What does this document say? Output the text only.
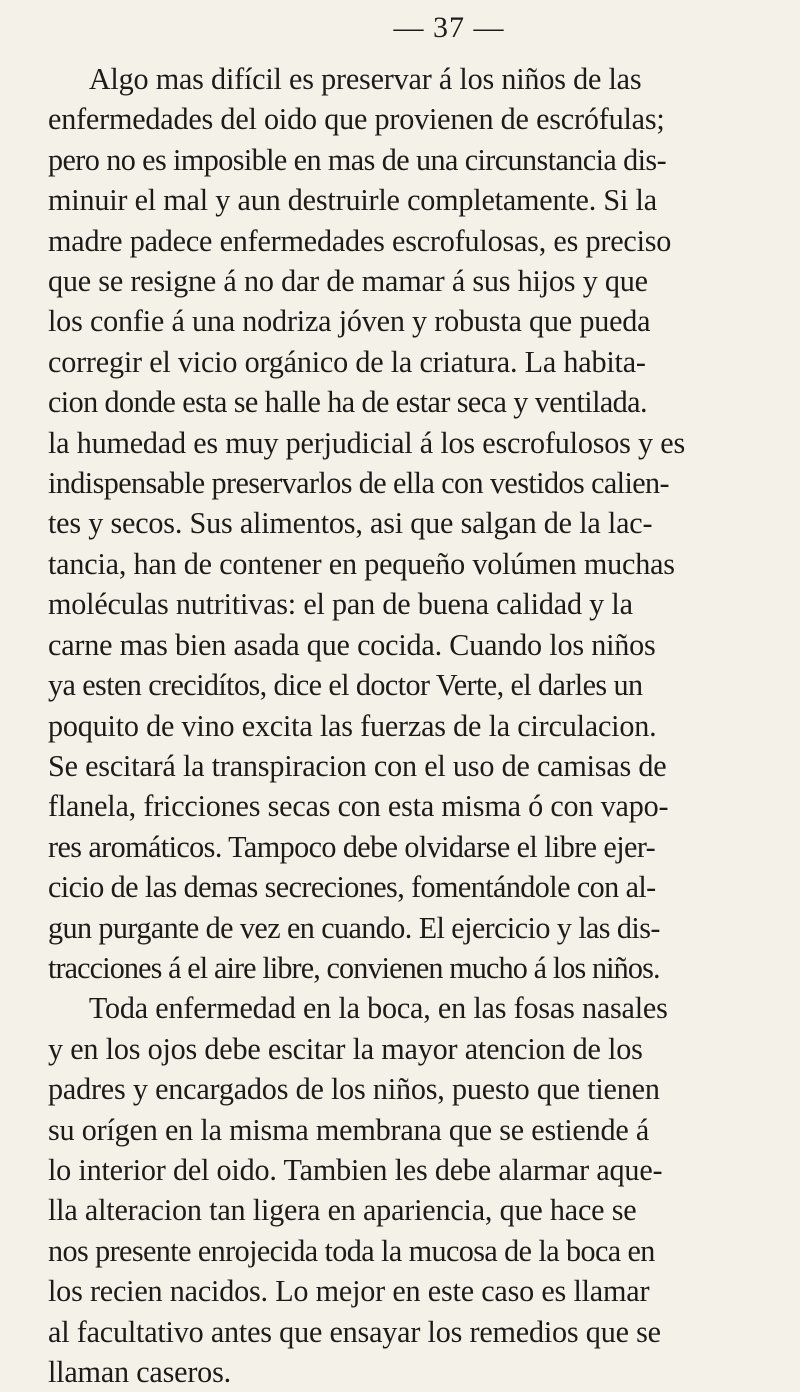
— 37 —
Algo mas difícil es preservar á los niños de las
enfermedades del oido que provienen de escrófulas;
pero no es imposible en mas de una circunstancia dis-
minuir el mal y aun destruirle completamente. Si la
madre padece enfermedades escrofulosas, es preciso
que se resigne á no dar de mamar á sus hijos y que
los confie á una nodriza jóven y robusta que pueda
corregir el vicio orgánico de la criatura. La habita-
cion donde esta se halle ha de estar seca y ventilada.
la humedad es muy perjudicial á los escrofulosos y es
indispensable preservarlos de ella con vestidos calien-
tes y secos. Sus alimentos, asi que salgan de la lac-
tancia, han de contener en pequeño volúmen muchas
moléculas nutritivas: el pan de buena calidad y la
carne mas bien asada que cocida. Cuando los niños
ya esten crecidítos, dice el doctor Verte, el darles un
poquito de vino excita las fuerzas de la circulacion.
Se escitará la transpiracion con el uso de camisas de
flanela, fricciones secas con esta misma ó con vapo-
res aromáticos. Tampoco debe olvidarse el libre ejer-
cicio de las demas secreciones, fomentándole con al-
gun purgante de vez en cuando. El ejercicio y las dis-
tracciones á el aire libre, convienen mucho á los niños.
Toda enfermedad en la boca, en las fosas nasales
y en los ojos debe escitar la mayor atencion de los
padres y encargados de los niños, puesto que tienen
su orígen en la misma membrana que se estiende á
lo interior del oido. Tambien les debe alarmar aque-
lla alteracion tan ligera en apariencia, que hace se
nos presente enrojecida toda la mucosa de la boca en
los recien nacidos. Lo mejor en este caso es llamar
al facultativo antes que ensayar los remedios que se
llaman caseros.
